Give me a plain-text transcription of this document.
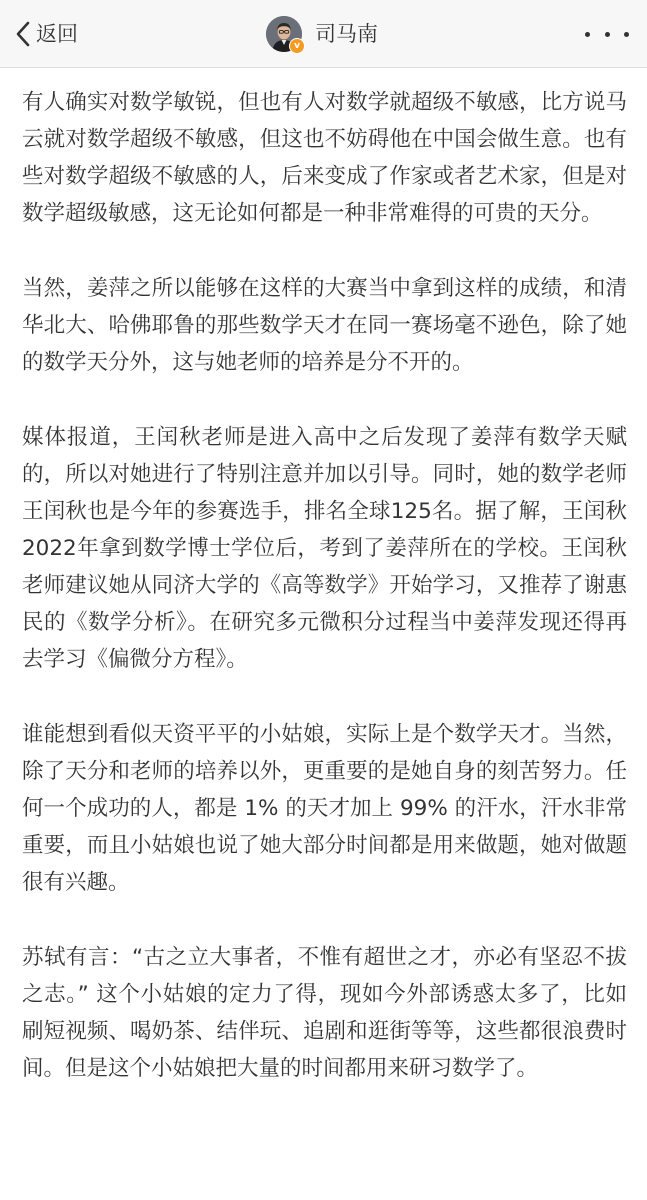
返回	v 司马南

有人确实对数学敏锐，但也有人对数学就超级不敏感，比方说马云就对数学超级不敏感，但这也不妨碍他在中国会做生意。也有些对数学超级不敏感的人，后来变成了作家或者艺术家，但是对数学超级敏感，这无论如何都是一种非常难得的可贵的天分。

当然，姜萍之所以能够在这样的大赛当中拿到这样的成绩，和清华北大、哈佛耶鲁的那些数学天才在同一赛场毫不逊色，除了她的数学天分外，这与她老师的培养是分不开的。

媒体报道，王闰秋老师是进入高中之后发现了姜萍有数学天赋的，所以对她进行了特别注意并加以引导。同时，她的数学老师王闰秋也是今年的参赛选手，排名全球125名。据了解，王闰秋 2022年拿到数学博士学位后，考到了姜萍所在的学校。王闰秋老师建议她从同济大学的《高等数学》开始学习，又推荐了谢惠民的《数学分析》。在研究多元微积分过程当中姜萍发现还得再去学习《偏微分方程》。

谁能想到看似天资平平的小姑娘，实际上是个数学天才。当然，除了天分和老师的培养以外，更重要的是她自身的刻苦努力。任何一个成功的人，都是 1% 的天才加上 99% 的汗水，汗水非常重要，而且小姑娘也说了她大部分时间都是用来做题，她对做题很有兴趣。

苏轼有言：“古之立大事者，不惟有超世之才，亦必有坚忍不拔之志。” 这个小姑娘的定力了得，现如今外部诱惑太多了，比如刷短视频、喝奶茶、结伴玩、追剧和逛街等等，这些都很浪费时间。但是这个小姑娘把大量的时间都用来研习数学了。
